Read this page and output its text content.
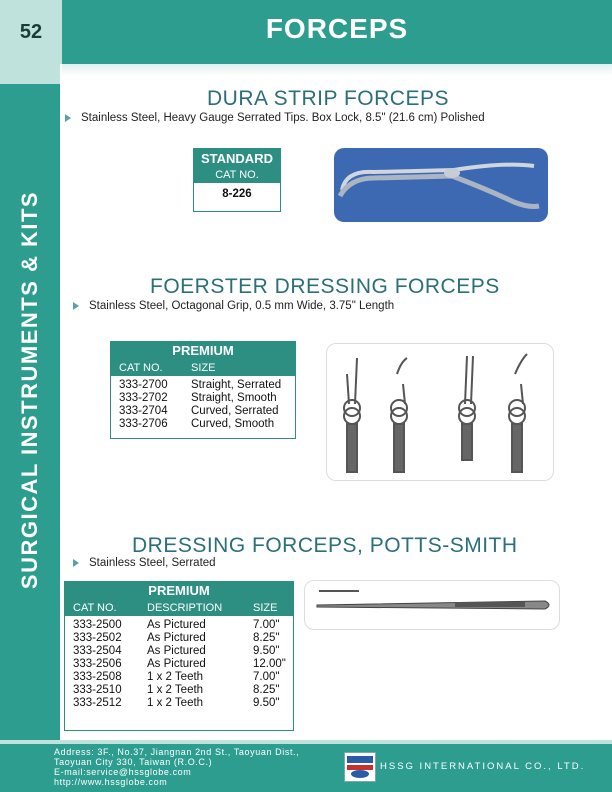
52	FORCEPS
SURGICAL INSTRUMENTS & KITS
DURA STRIP FORCEPS
Stainless Steel, Heavy Gauge Serrated Tips. Box Lock, 8.5" (21.6 cm) Polished
STANDARD
CAT NO.
8-226
FOERSTER DRESSING FORCEPS
Stainless Steel, Octagonal Grip, 0.5 mm Wide, 3.75" Length
PREMIUM
CAT NO.	SIZE
333-2700	Straight, Serrated
333-2702	Straight, Smooth
333-2704	Curved, Serrated
333-2706	Curved, Smooth
DRESSING FORCEPS, POTTS-SMITH
Stainless Steel, Serrated
PREMIUM
CAT NO.	DESCRIPTION	SIZE
333-2500	As Pictured	7.00"
333-2502	As Pictured	8.25"
333-2504	As Pictured	9.50"
333-2506	As Pictured	12.00"
333-2508	1 x 2 Teeth	7.00"
333-2510	1 x 2 Teeth	8.25"
333-2512	1 x 2 Teeth	9.50"
Address: 3F., No.37, Jiangnan 2nd St., Taoyuan Dist.,
Taoyuan City 330, Taiwan (R.O.C.)
E-mail:service@hssglobe.com
http://www.hssglobe.com
HSSG INTERNATIONAL CO., LTD.
